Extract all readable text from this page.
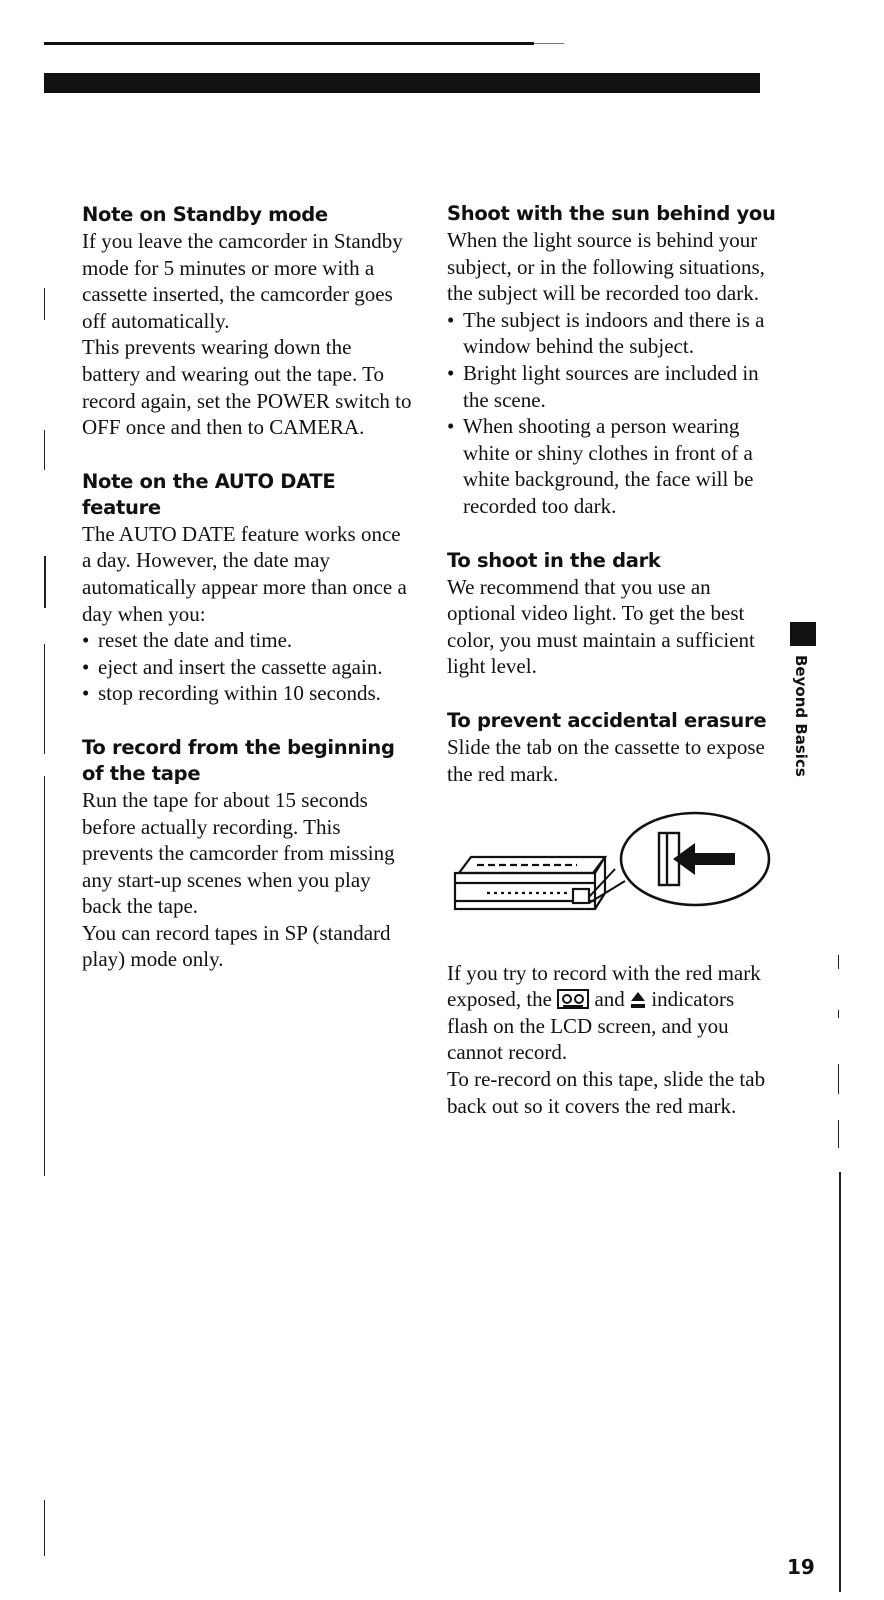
Note on Standby mode

If you leave the camcorder in Standby mode for 5 minutes or more with a cassette inserted, the camcorder goes off automatically.

This prevents wearing down the battery and wearing out the tape. To record again, set the POWER switch to OFF once and then to CAMERA.

Note on the AUTO DATE feature

The AUTO DATE feature works once a day. However, the date may automatically appear more than once a day when you:

• reset the date and time.
• eject and insert the cassette again.
• stop recording within 10 seconds.
To record from the beginning of the tape

Run the tape for about 15 seconds before actually recording. This prevents the camcorder from missing any start-up scenes when you play back the tape.

You can record tapes in SP (standard play) mode only.

Shoot with the sun behind you

When the light source is behind your subject, or in the following situations, the subject will be recorded too dark.

• The subject is indoors and there is a window behind the subject.
• Bright light sources are included in the scene.
• When shooting a person wearing white or shiny clothes in front of a white background, the face will be recorded too dark.
To shoot in the dark

We recommend that you use an optional video light. To get the best color, you must maintain a sufficient light level.

To prevent accidental erasure

Slide the tab on the cassette to expose the red mark.

If you try to record with the red mark exposed, the  and  indicators flash on the LCD screen, and you cannot record.

To re-record on this tape, slide the tab back out so it covers the red mark.

Beyond Basics
19
